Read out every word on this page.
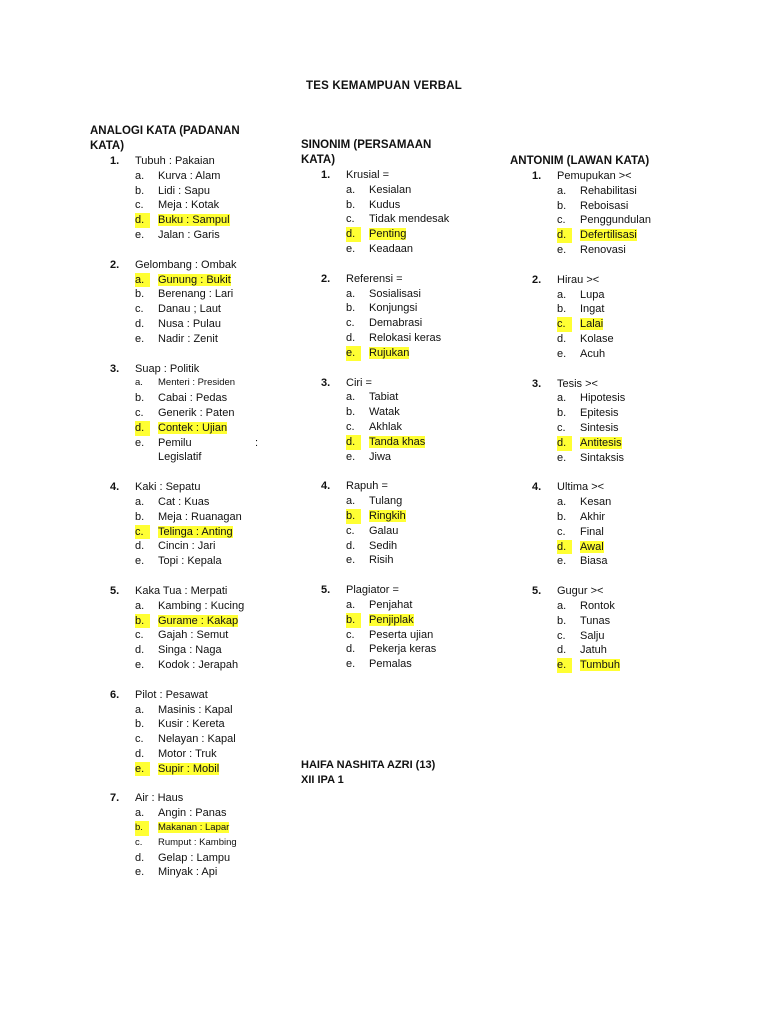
TES KEMAMPUAN VERBAL

ANALOGI KATA (PADANAN KATA)

1. Tubuh : Pakaian
a. Kurva : Alam
b. Lidi : Sapu
c. Meja : Kotak
d.	Buku : Sampul
e. Jalan : Garis
2. Gelombang : Ombak
a.	Gunung : Bukit
b. Berenang : Lari
c. Danau ; Laut
d. Nusa : Pulau
e. Nadir : Zenit
3. Suap : Politik
a. Menteri : Presiden
b. Cabai : Pedas
c. Generik : Paten
d.	Contek : Ujian
e. Pemilu	:
Legislatif
4. Kaki : Sepatu
a. Cat : Kuas
b. Meja : Ruanagan
c.	Telinga : Anting
d. Cincin : Jari
e. Topi : Kepala
5. Kaka Tua : Merpati
a. Kambing : Kucing
b.	Gurame : Kakap
c. Gajah : Semut
d. Singa : Naga
e. Kodok : Jerapah
6. Pilot : Pesawat
a. Masinis : Kapal
b. Kusir : Kereta
c. Nelayan : Kapal
d. Motor : Truk
e.	Supir : Mobil
7. Air : Haus
a. Angin : Panas
b.	Makanan : Lapar
c. Rumput : Kambing
d. Gelap : Lampu
e. Minyak : Api

SINONIM (PERSAMAAN KATA)

1. Krusial =
a. Kesialan
b. Kudus
c. Tidak mendesak
d.	Penting
e. Keadaan
2. Referensi =
a. Sosialisasi
b. Konjungsi
c. Demabrasi
d. Relokasi keras
e.	Rujukan
3. Ciri =
a. Tabiat
b. Watak
c. Akhlak
d.	Tanda khas
e. Jiwa
4. Rapuh =
a. Tulang
b.	Ringkih
c. Galau
d. Sedih
e. Risih
5. Plagiator =
a. Penjahat
b.	Penjiplak
c. Peserta ujian
d. Pekerja keras
e. Pemalas

ANTONIM (LAWAN KATA)

1. Pemupukan ><
a. Rehabilitasi
b. Reboisasi
c. Penggundulan
d.	Defertilisasi
e. Renovasi
2. Hirau ><
a. Lupa
b. Ingat
c.	Lalai
d. Kolase
e. Acuh
3. Tesis ><
a. Hipotesis
b. Epitesis
c. Sintesis
d.	Antitesis
e. Sintaksis
4. Ultima ><
a. Kesan
b. Akhir
c. Final
d.	Awal
e. Biasa
5. Gugur ><
a. Rontok
b. Tunas
c. Salju
d. Jatuh
e.	Tumbuh
HAIFA NASHITA AZRI (13)
XII IPA 1
